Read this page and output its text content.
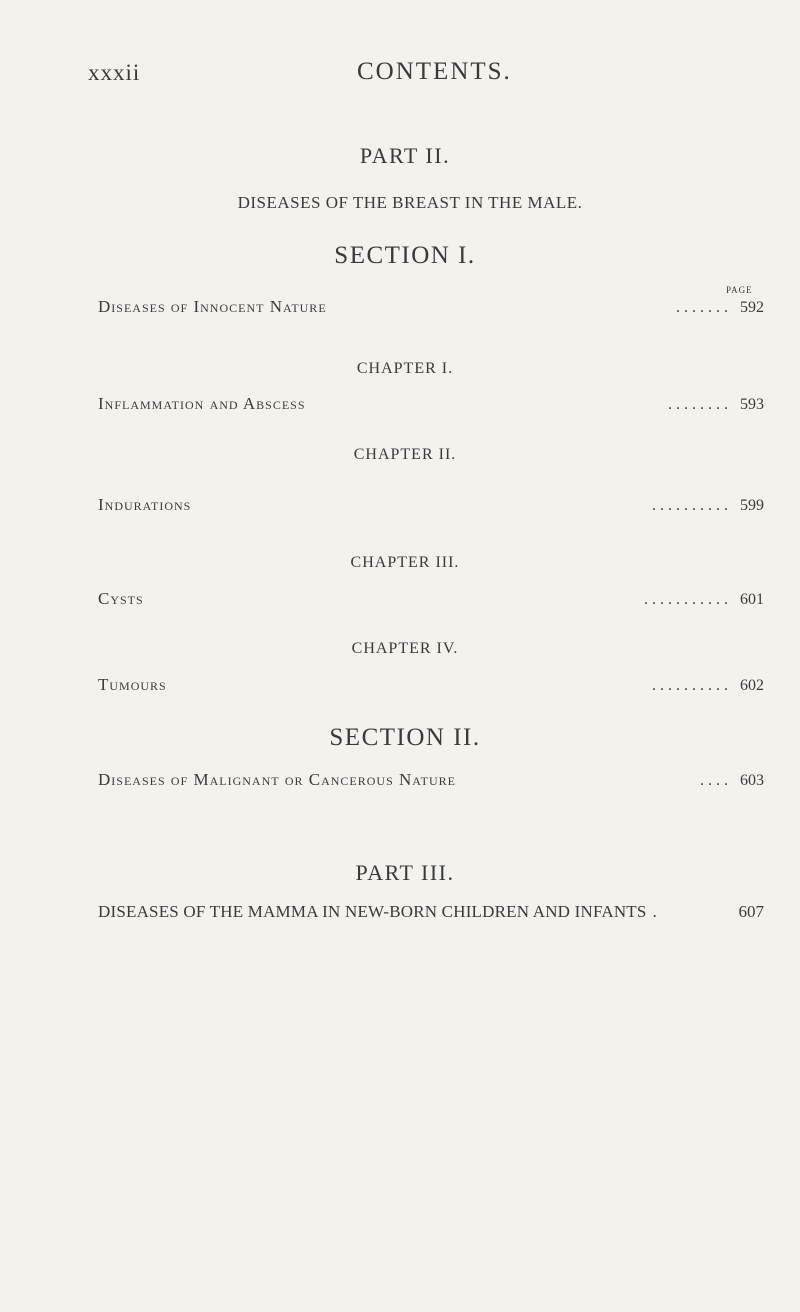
xxxii	CONTENTS.
PART II.
DISEASES OF THE BREAST IN THE MALE.
SECTION I.
PAGE
Diseases of Innocent Nature	. . . . . . . 592
CHAPTER I.
Inflammation and Abscess	. . . . . . . . 593
CHAPTER II.
Indurations	. . . . . . . . . . 599
CHAPTER III.
Cysts	. . . . . . . . . . . 601
CHAPTER IV.
Tumours	. . . . . . . . . . 602
SECTION II.
Diseases of Malignant or Cancerous Nature	. . . . 603
PART III.
DISEASES OF THE MAMMA IN NEW-BORN CHILDREN AND INFANTS .	607
